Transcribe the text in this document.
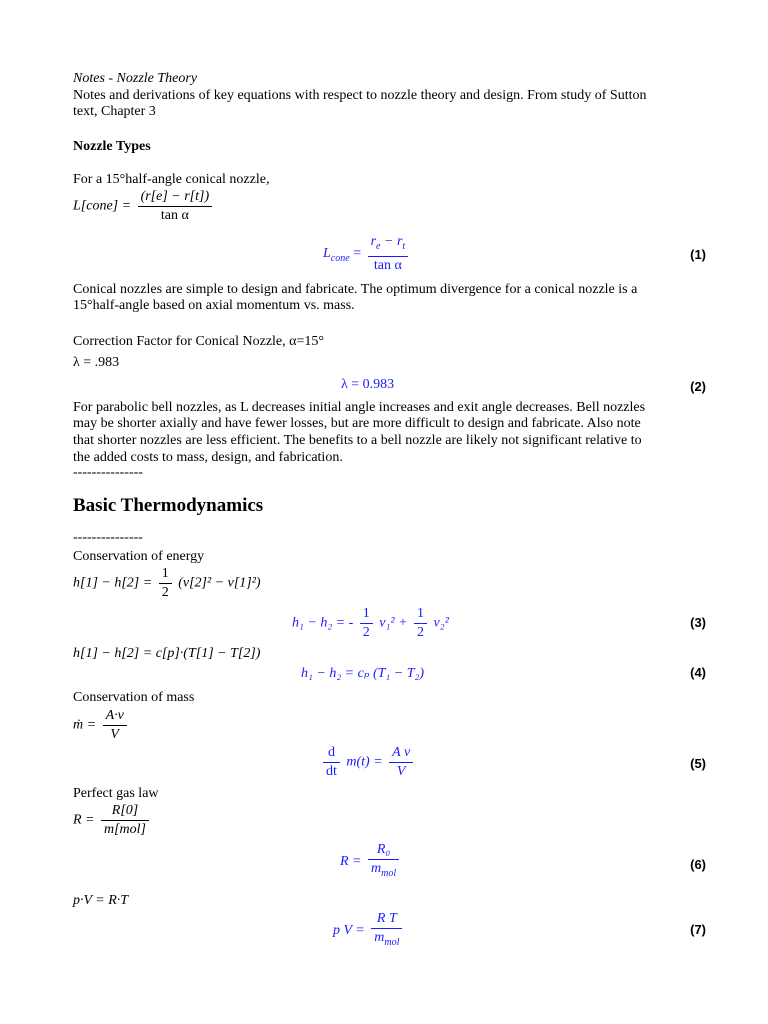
Notes - Nozzle Theory
Notes and derivations of key equations with respect to nozzle theory and design. From study of Sutton
text, Chapter 3
Nozzle Types
For a 15°half-angle conical nozzle,
L[cone] = $\frac{(r[e] - r[t])}{\text{tan α}}$
$L_{cone} = \frac{r_e - r_t}{\text{tan α}}$	(1)
Conical nozzles are simple to design and fabricate. The optimum divergence for a conical nozzle is a
15°half-angle based on axial momentum vs. mass.
Correction Factor for Conical Nozzle, α=15°
λ = .983
λ = 0.983	(2)
For parabolic bell nozzles, as L decreases initial angle increases and exit angle decreases. Bell nozzles
may be shorter axially and have fewer losses, but are more difficult to design and fabricate. Also note
that shorter nozzles are less efficient. The benefits to a bell nozzle are likely not significant relative to
the added costs to mass, design, and fabrication.
---------------
Basic Thermodynamics
---------------
Conservation of energy
$h[1] - h[2] = \frac{1}{2} (v[2]^2 - v[1]^2)$
h₁ − h₂ = - $\frac{1}{2} v_1^2 + \frac{1}{2} v_2^2$	(3)
h[1] − h[2] = c[p]·(T[1] − T[2])
h₁ − h₂ = cₚ (T₁ − T₂)	(4)
Conservation of mass
ṁ = $\frac{A\cdot v}{V}$
$\frac{d}{dt} m(t) = \frac{\text{A v}}{V}$	(5)
Perfect gas law
$R = \frac{R[0]}{\text{m[mol]}}$
$R = \frac{\text{R₀}}{m_{mol}}$	(6)
p·V = R·T
p $V = \frac{\text{R T}}{m_{mol}}$	(7)
